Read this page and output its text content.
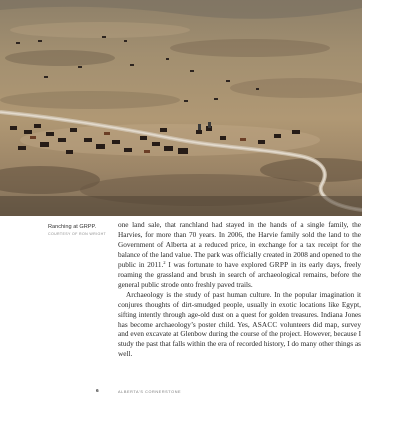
Ranching at GRPP.

COURTESY OF RON WRIGHT

one land sale, that ranchland had stayed in the hands of a single family, the Harvies, for more than 70 years. In 2006, the Harvie family sold the land to the Government of Alberta at a reduced price, in exchange for a tax receipt for the balance of the land value. The park was officially created in 2008 and opened to the public in 2011.$^2$ I was fortunate to have explored GRPP in its early days, freely roaming the grassland and brush in search of archaeological remains, before the general public strode onto freshly paved trails.

Archaeology is the study of past human culture. In the popular imagination it conjures thoughts of dirt-smudged people, usually in exotic locations like Egypt, sifting intently through age-old dust on a quest for golden treasures. Indiana Jones has become archaeology’s poster child. Yes, ASACC volunteers did map, survey and even excavate at Glenbow during the course of the project. However, because I study the past that falls within the era of recorded history, I do many other things as well.

6	ALBERTA’S CORNERSTONE
